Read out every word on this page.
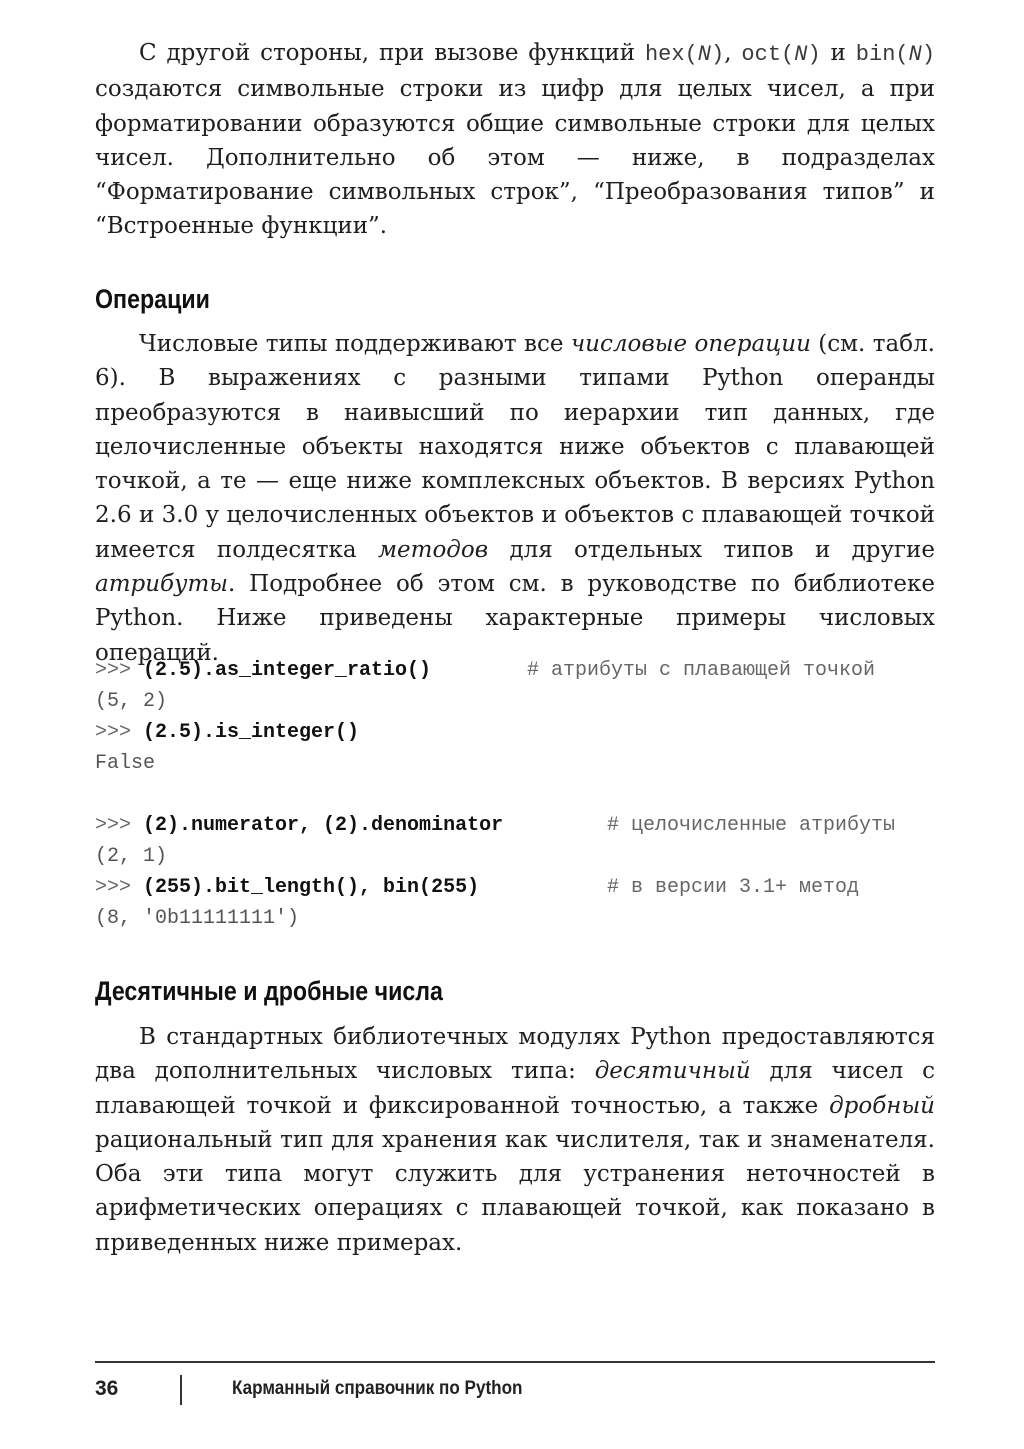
С другой стороны, при вызове функций hex(N), oct(N) и bin(N) создаются символьные строки из цифр для целых чисел, а при форматировании образуются общие символьные строки для целых чисел. Дополнительно об этом — ниже, в подразделах “Форматирование символьных строк”, “Преобразования типов” и “Встроенные функции”.

Операции

Числовые типы поддерживают все числовые операции (см. табл. 6). В выражениях с разными типами Python операнды преобразуются в наивысший по иерархии тип данных, где целочисленные объекты находятся ниже объектов с плавающей точкой, а те — еще ниже комплексных объектов. В версиях Python 2.6 и 3.0 у целочисленных объектов и объектов с плавающей точкой имеется полдесятка методов для отдельных типов и другие атрибуты. Подробнее об этом см. в руководстве по библиотеке Python. Ниже приведены характерные примеры числовых операций.

>>> (2.5).as_integer_ratio()	# атрибуты с плавающей точкой
(5, 2)
>>> (2.5).is_integer()
False
>>> (2).numerator, (2).denominator	# целочисленные атрибуты
(2, 1)
>>> (255).bit_length(), bin(255)	# в версии 3.1+ метод
(8, '0b11111111')
Десятичные и дробные числа

В стандартных библиотечных модулях Python предоставляются два дополнительных числовых типа: десятичный для чисел с плавающей точкой и фиксированной точностью, а также дробный рациональный тип для хранения как числителя, так и знаменателя. Оба эти типа могут служить для устранения неточностей в арифметических операциях с плавающей точкой, как показано в приведенных ниже примерах.

36	Карманный справочник по Python
